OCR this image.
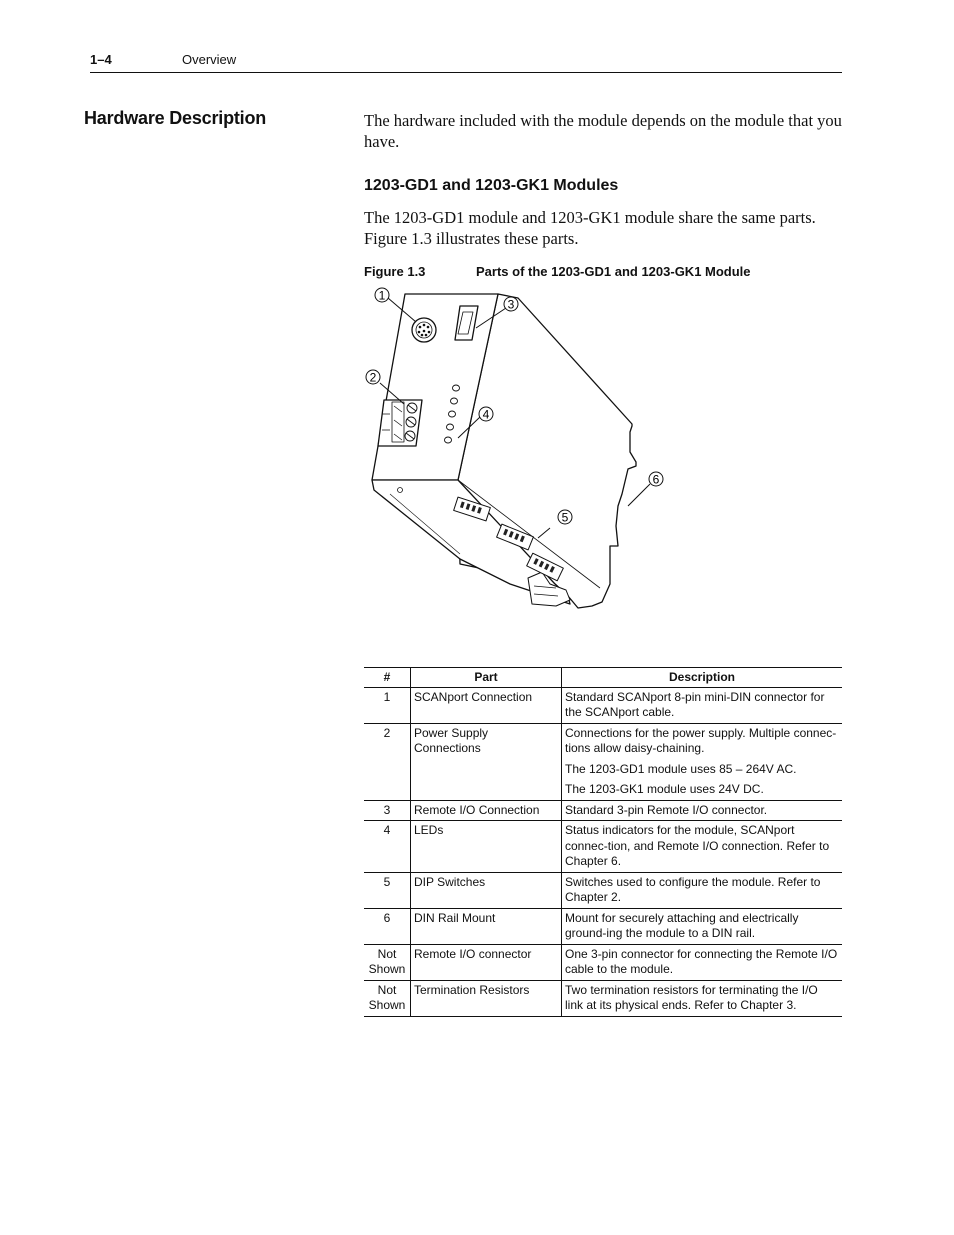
1–4	Overview
Hardware Description	The hardware included with the module depends on the module that you have.
1203-GD1 and 1203-GK1 Modules
The 1203-GD1 module and 1203-GK1 module share the same parts. Figure 1.3 illustrates these parts.
Figure 1.3	Parts of the 1203-GD1 and 1203-GK1 Module
1
2
3
4
5
6
#	Part	Description
1	SCANport Connection	Standard SCANport 8-pin mini-DIN connector for the SCANport cable.

2	Power Supply Connections	Connections for the power supply. Multiple connec-tions allow daisy-chaining.

The 1203-GD1 module uses 85 – 264V AC.

The 1203-GK1 module uses 24V DC.

3	Remote I/O Connection	Standard 3-pin Remote I/O connector.

4	LEDs	Status indicators for the module, SCANport connec-tion, and Remote I/O connection. Refer to Chapter 6.

5	DIP Switches	Switches used to configure the module. Refer to Chapter 2.

6	DIN Rail Mount	Mount for securely attaching and electrically ground-ing the module to a DIN rail.

Not Shown	Remote I/O connector	One 3-pin connector for connecting the Remote I/O cable to the module.

Not Shown	Termination Resistors	Two termination resistors for terminating the I/O link at its physical ends. Refer to Chapter 3.
